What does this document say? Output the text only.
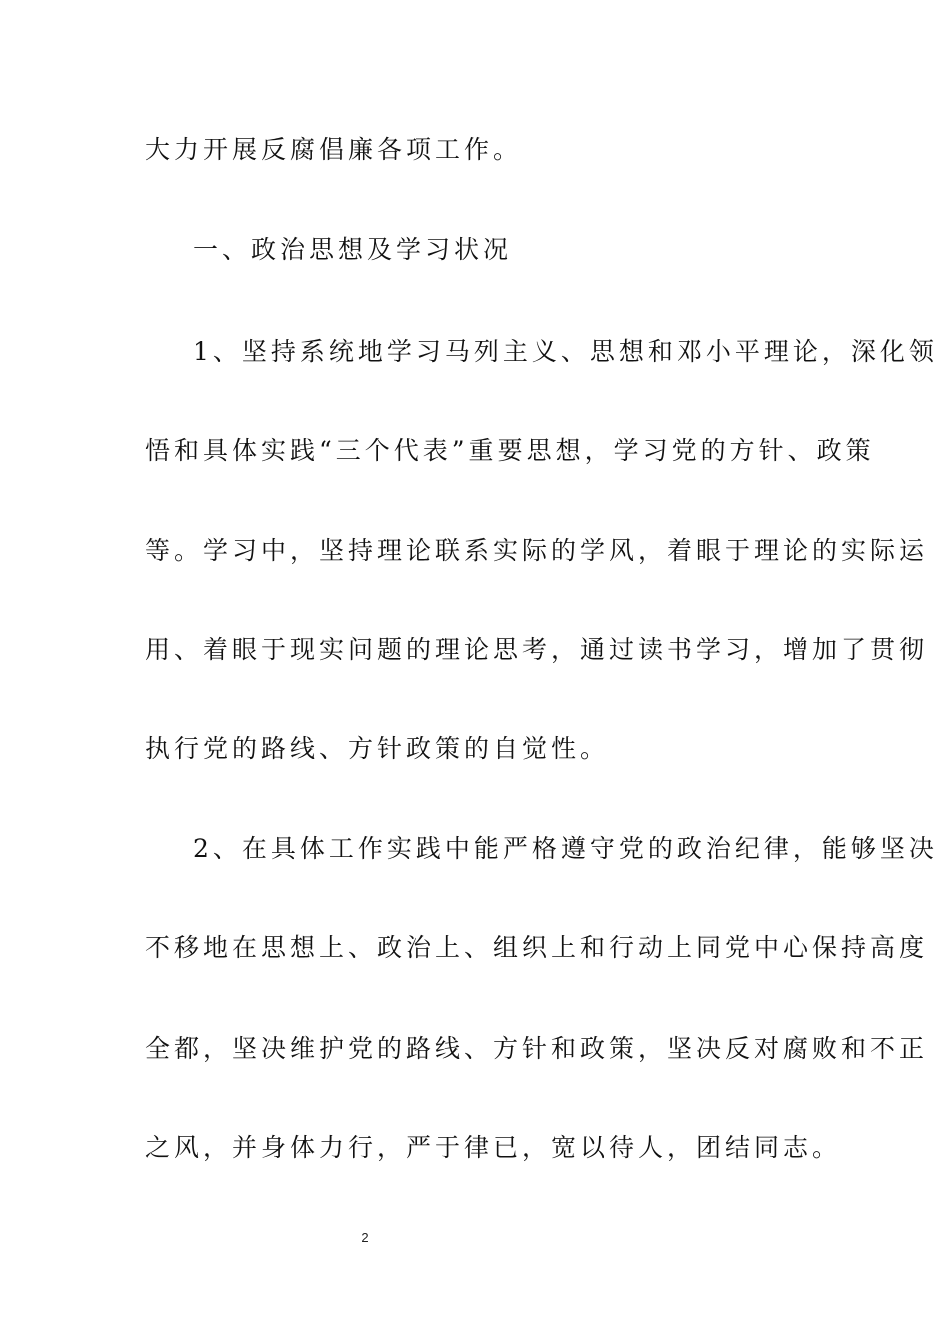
大力开展反腐倡廉各项工作。
一、政治思想及学习状况
1、坚持系统地学习马列主义、思想和邓小平理论，深化领
悟和具体实践“三个代表”重要思想，学习党的方针、政策
等。学习中，坚持理论联系实际的学风，着眼于理论的实际运
用、着眼于现实问题的理论思考，通过读书学习，增加了贯彻
执行党的路线、方针政策的自觉性。
2、在具体工作实践中能严格遵守党的政治纪律，能够坚决
不移地在思想上、政治上、组织上和行动上同党中心保持高度
全都，坚决维护党的路线、方针和政策，坚决反对腐败和不正
之风，并身体力行，严于律已，宽以待人，团结同志。
2
